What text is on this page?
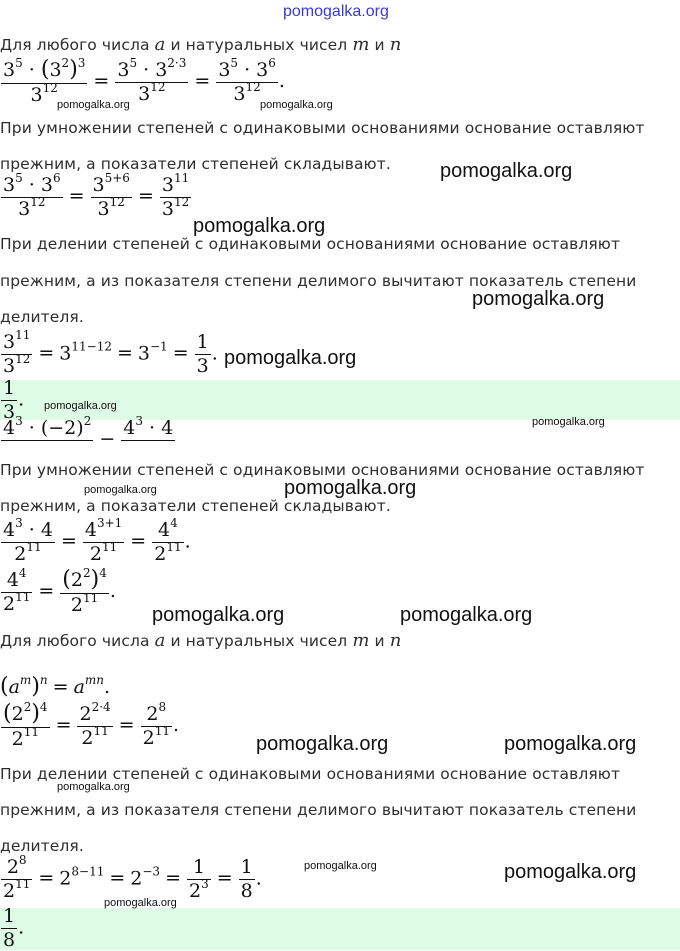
pomogalka.org
Для любого числа a и натуральных чисел m и n
$\frac{3^5 \cdot (3^2)^3}{3^{12}} = \frac{3^5 \cdot 3^{2\cdot 3}}{3^{12}} = \frac{3^5 \cdot 3^6}{3^{12}}$ .
При умножении степеней с одинаковыми основаниями основание оставляют
прежним, а показатели степеней складывают.
$\frac{3^5 \cdot 3^6}{3^{12}} = \frac{3^{5+6}}{3^{12}} = \frac{3^{11}}{3^{12}}$
При делении степеней с одинаковыми основаниями основание оставляют
прежним, а из показателя степени делимого вычитают показатель степени
делителя.
$\frac{3^{11}}{3^{12}} = 3^{11-12} = 3^{-1} = \frac{1}{3}$ .
$\frac{1}{3}$ .
$4^3 \cdot (-2)^2$

−
$4^3 \cdot 4$

При умножении степеней с одинаковыми основаниями основание оставляют
прежним, а показатели степеней складывают.
$\frac{4^3 \cdot 4}{2^{11}} = \frac{4^{3+1}}{2^{11}} = \frac{4^4}{2^{11}}$ .
$\frac{4^4}{2^{11}} = \frac{(2^2)^4}{2^{11}}$ .
Для любого числа a и натуральных чисел m и n
$(a^m)^n = a^{mn}$.
$\frac{(2^2)^4}{2^{11}} = \frac{2^{2\cdot 4}}{2^{11}} = \frac{2^8}{2^{11}}$ .
При делении степеней с одинаковыми основаниями основание оставляют
прежним, а из показателя степени делимого вычитают показатель степени
делителя.
$\frac{2^8}{2^{11}} = 2^{8-11} = 2^{-3} = \frac{1}{2^3} = \frac{1}{8}$ .
$\frac{1}{8}$ .
pomogalka.org	pomogalka.org
pomogalka.org
pomogalka.org
pomogalka.org
pomogalka.org
pomogalka.org
pomogalka.org
pomogalka.org	pomogalka.org
pomogalka.org	pomogalka.org
pomogalka.org	pomogalka.org
pomogalka.org
pomogalka.org	pomogalka.org
pomogalka.org
